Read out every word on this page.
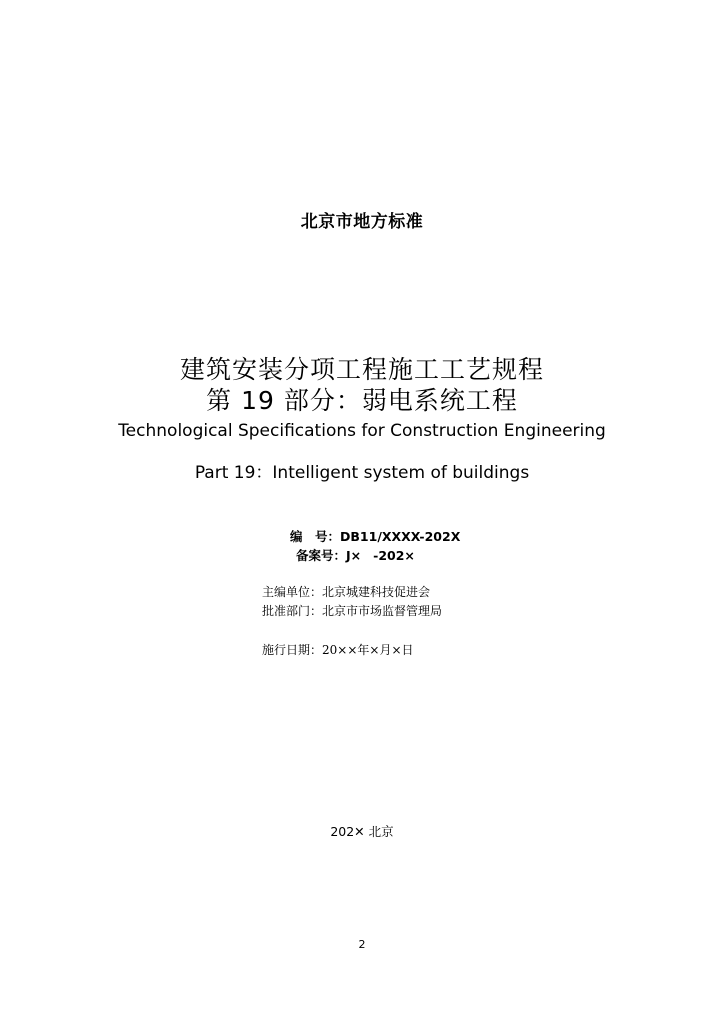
北京市地方标准
建筑安装分项工程施工工艺规程
第 19 部分：弱电系统工程
Technological Specifications for Construction Engineering
Part 19：Intelligent system of buildings
编　号：DB11/XXXX-202X
备案号：J× -202×
主编单位：北京城建科技促进会
批准部门：北京市市场监督管理局
施行日期：20××年×月×日
202✕ 北京
2
